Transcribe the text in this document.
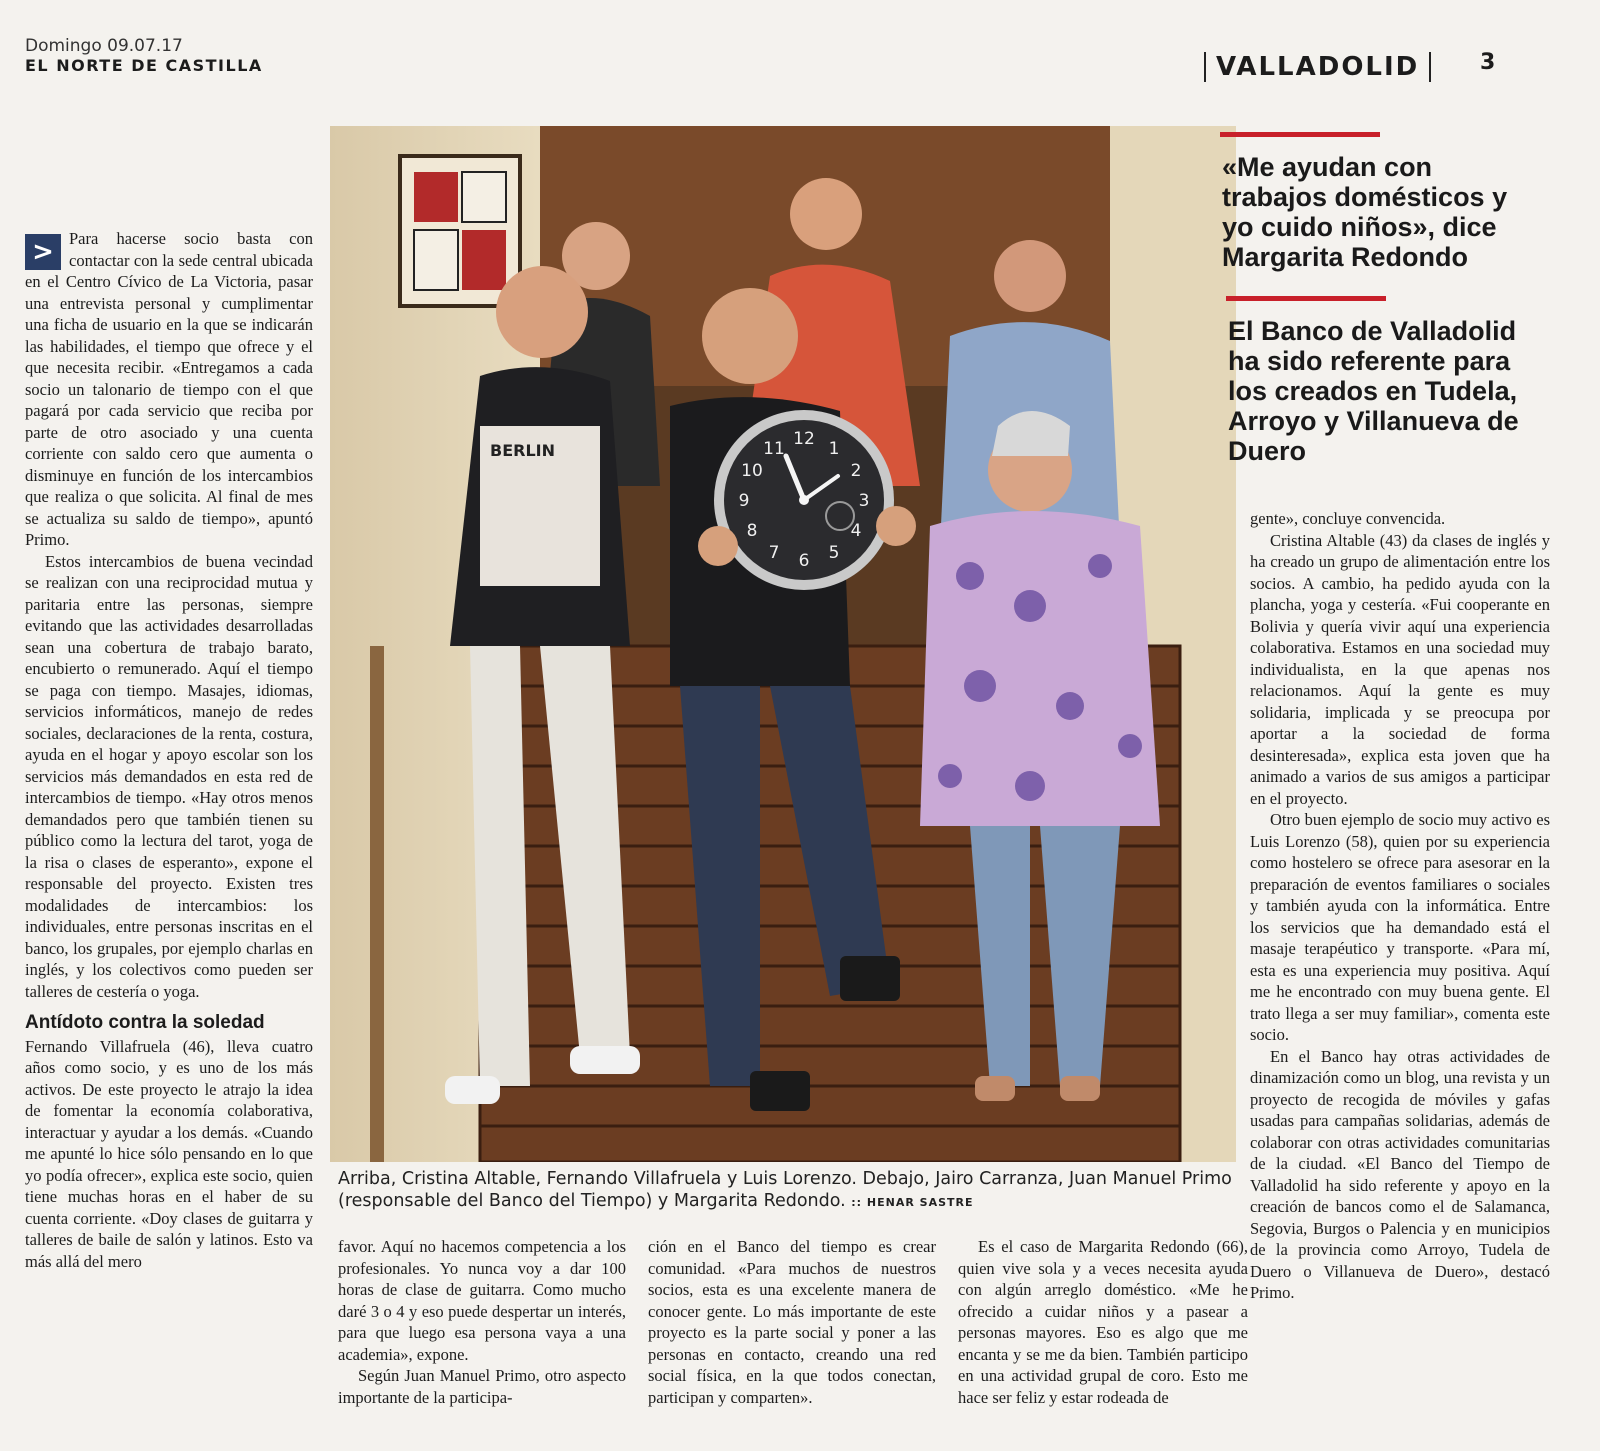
Domingo 09.07.17
EL NORTE DE CASTILLA	VALLADOLID	3

> Para hacerse socio basta con contactar con la sede central ubicada en el Centro Cívico de La Victoria, pasar una entrevista personal y cumplimentar una ficha de usuario en la que se indicarán las habilidades, el tiempo que ofrece y el que necesita recibir. «Entregamos a cada socio un talonario de tiempo con el que pagará por cada servicio que reciba por parte de otro asociado y una cuenta corriente con saldo cero que aumenta o disminuye en función de los intercambios que realiza o que solicita. Al final de mes se actualiza su saldo de tiempo», apuntó Primo.

Estos intercambios de buena vecindad se realizan con una reciprocidad mutua y paritaria entre las personas, siempre evitando que las actividades desarrolladas sean una cobertura de trabajo barato, encubierto o remunerado. Aquí el tiempo se paga con tiempo. Masajes, idiomas, servicios informáticos, manejo de redes sociales, declaraciones de la renta, costura, ayuda en el hogar y apoyo escolar son los servicios más demandados en esta red de intercambios de tiempo. «Hay otros menos demandados pero que también tienen su público como la lectura del tarot, yoga de la risa o clases de esperanto», expone el responsable del proyecto. Existen tres modalidades de intercambios: los individuales, entre personas inscritas en el banco, los grupales, por ejemplo charlas en inglés, y los colectivos como pueden ser talleres de cestería o yoga.

Antídoto contra la soledad

Fernando Villafruela (46), lleva cuatro años como socio, y es uno de los más activos. De este proyecto le atrajo la idea de fomentar la economía colaborativa, interactuar y ayudar a los demás. «Cuando me apunté lo hice sólo pensando en lo que yo podía ofrecer», explica este socio, quien tiene muchas horas en el haber de su cuenta corriente. «Doy clases de guitarra y talleres de baile de salón y latinos. Esto va más allá del mero

BERLIN
12 1
2
3
4
5
6
7
8
9
10
11
Arriba, Cristina Altable, Fernando Villafruela y Luis Lorenzo. Debajo, Jairo Carranza, Juan Manuel Primo (responsable del Banco del Tiempo) y Margarita Redondo. :: HENAR SASTRE

favor. Aquí no hacemos competencia a los profesionales. Yo nunca voy a dar 100 horas de clase de guitarra. Como mucho daré 3 o 4 y eso puede despertar un interés, para que luego esa persona vaya a una academia», expone.

Según Juan Manuel Primo, otro aspecto importante de la participa-

ción en el Banco del tiempo es crear comunidad. «Para muchos de nuestros socios, esta es una excelente manera de conocer gente. Lo más importante de este proyecto es la parte social y poner a las personas en contacto, creando una red social física, en la que todos conectan, participan y comparten».

Es el caso de Margarita Redondo (66), quien vive sola y a veces necesita ayuda con algún arreglo doméstico. «Me he ofrecido a cuidar niños y a pasear a personas mayores. Eso es algo que me encanta y se me da bien. También participo en una actividad grupal de coro. Esto me hace ser feliz y estar rodeada de

«Me ayudan con trabajos domésticos y yo cuido niños», dice Margarita Redondo
El Banco de Valladolid ha sido referente para los creados en Tudela, Arroyo y Villanueva de Duero

gente», concluye convencida.

Cristina Altable (43) da clases de inglés y ha creado un grupo de alimentación entre los socios. A cambio, ha pedido ayuda con la plancha, yoga y cestería. «Fui cooperante en Bolivia y quería vivir aquí una experiencia colaborativa. Estamos en una sociedad muy individualista, en la que apenas nos relacionamos. Aquí la gente es muy solidaria, implicada y se preocupa por aportar a la sociedad de forma desinteresada», explica esta joven que ha animado a varios de sus amigos a participar en el proyecto.

Otro buen ejemplo de socio muy activo es Luis Lorenzo (58), quien por su experiencia como hostelero se ofrece para asesorar en la preparación de eventos familiares o sociales y también ayuda con la informática. Entre los servicios que ha demandado está el masaje terapéutico y transporte. «Para mí, esta es una experiencia muy positiva. Aquí me he encontrado con muy buena gente. El trato llega a ser muy familiar», comenta este socio.

En el Banco hay otras actividades de dinamización como un blog, una revista y un proyecto de recogida de móviles y gafas usadas para campañas solidarias, además de colaborar con otras actividades comunitarias de la ciudad. «El Banco del Tiempo de Valladolid ha sido referente y apoyo en la creación de bancos como el de Salamanca, Segovia, Burgos o Palencia y en municipios de la provincia como Arroyo, Tudela de Duero o Villanueva de Duero», destacó Primo.
